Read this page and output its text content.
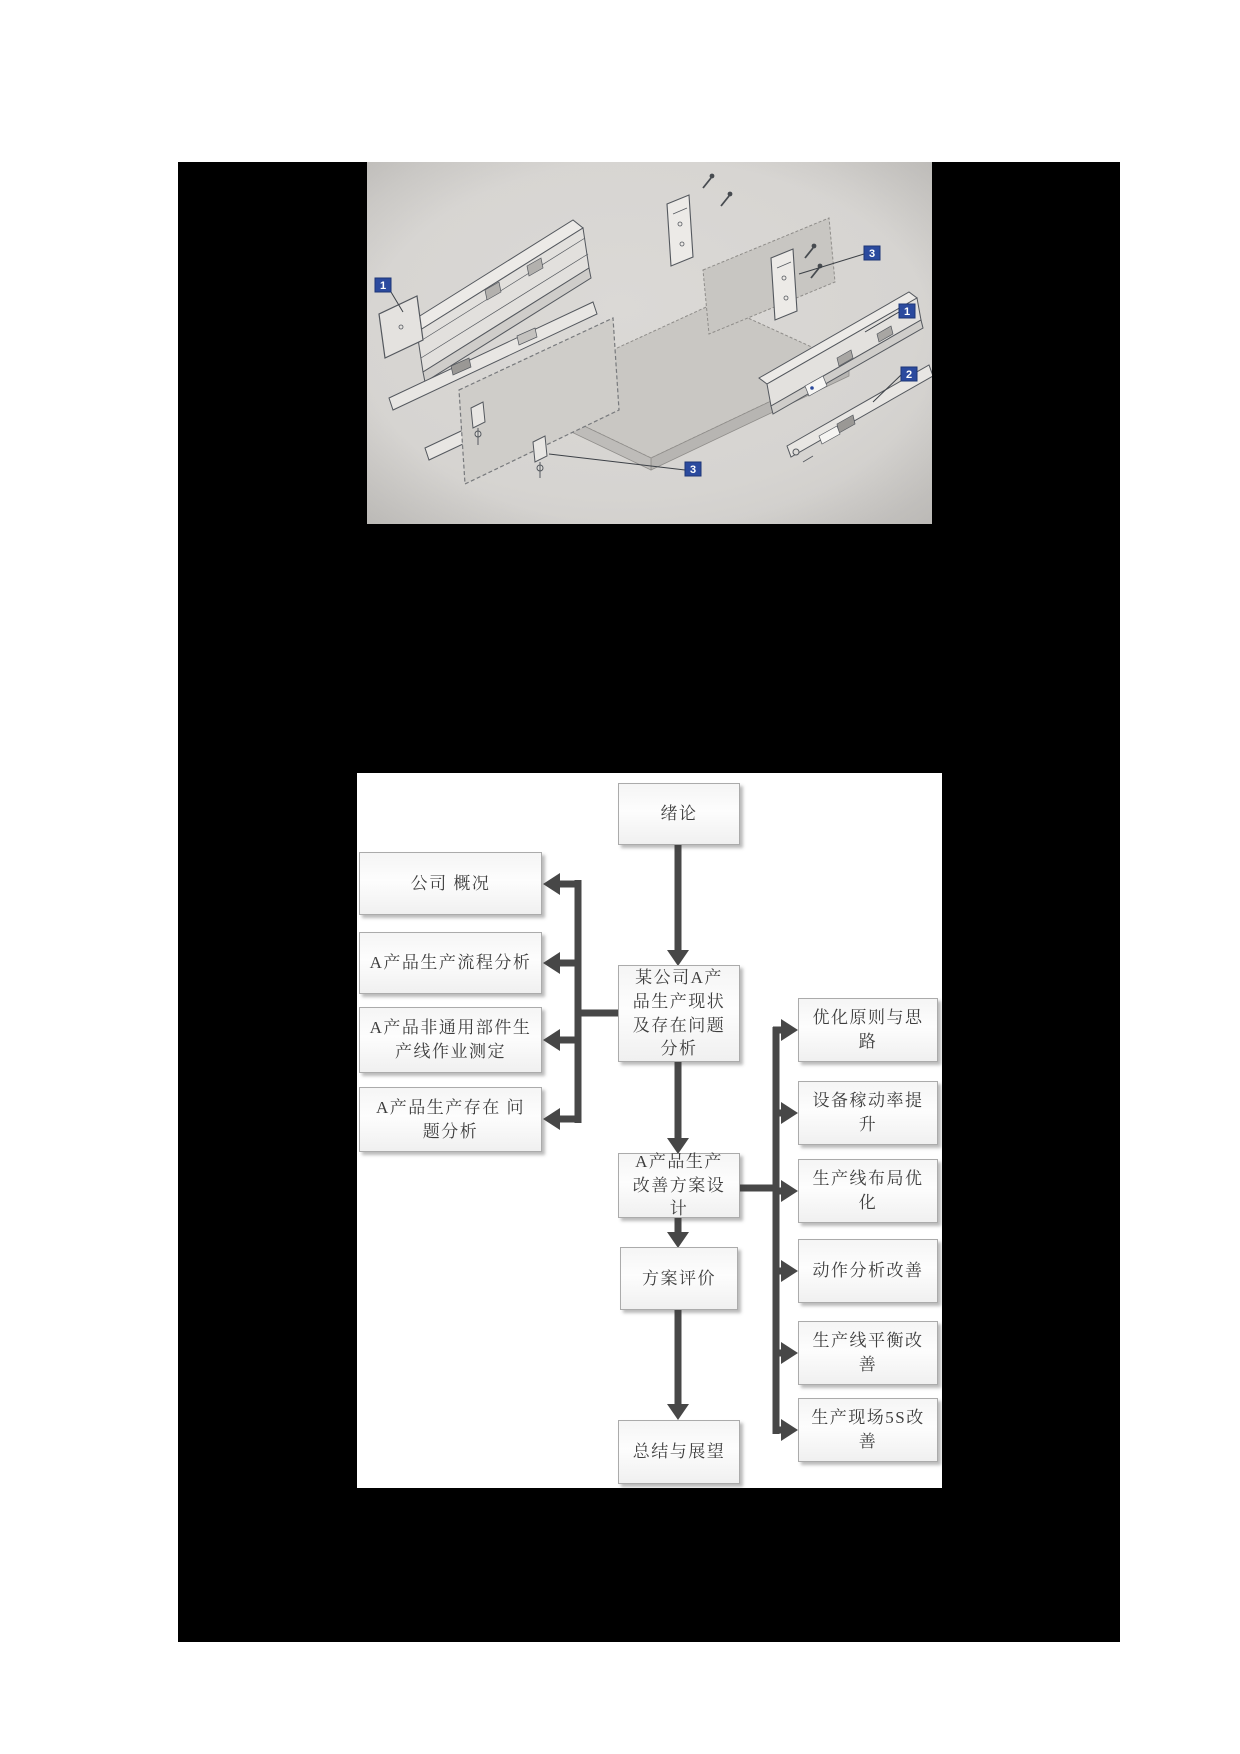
绪论
某公司A产品生产现状及存在问题分析
A产品生产改善方案设计
方案评价
总结与展望
公司 概况
A产品生产流程分析
A产品非通用部件生产线作业测定
A产品生产存在 问题分析
优化原则与思路
设备稼动率提升
生产线布局优化
动作分析改善
生产线平衡改善
生产现场5S改善
